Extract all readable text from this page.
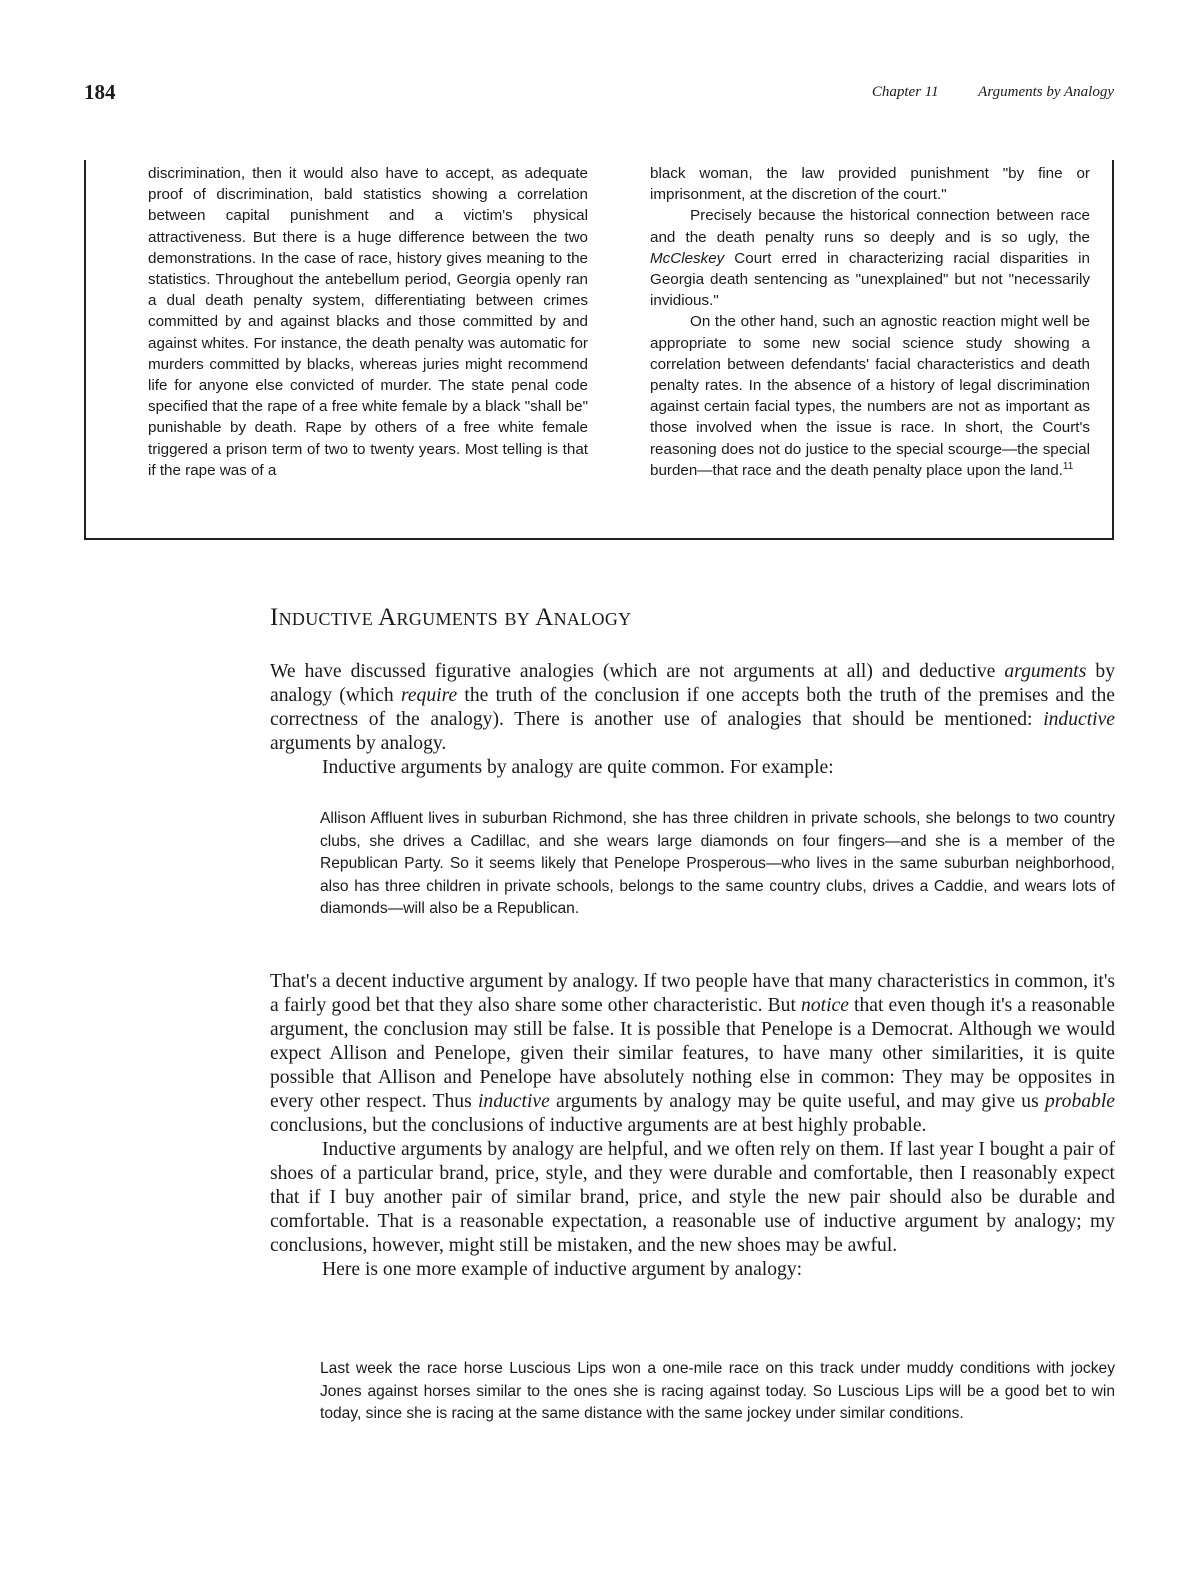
184	Chapter 11	Arguments by Analogy

discrimination, then it would also have to accept, as adequate proof of discrimination, bald statistics showing a correlation between capital punishment and a victim's physical attractiveness. But there is a huge difference between the two demonstrations. In the case of race, history gives meaning to the statistics. Throughout the antebellum period, Georgia openly ran a dual death penalty system, differentiating between crimes committed by and against blacks and those committed by and against whites. For instance, the death penalty was automatic for murders committed by blacks, whereas juries might recommend life for anyone else convicted of murder. The state penal code specified that the rape of a free white female by a black "shall be" punishable by death. Rape by others of a free white female triggered a prison term of two to twenty years. Most telling is that if the rape was of a

black woman, the law provided punishment "by fine or imprisonment, at the discretion of the court."

Precisely because the historical connection between race and the death penalty runs so deeply and is so ugly, the McCleskey Court erred in characterizing racial disparities in Georgia death sentencing as "unexplained" but not "necessarily invidious."

On the other hand, such an agnostic reaction might well be appropriate to some new social science study showing a correlation between defendants' facial characteristics and death penalty rates. In the absence of a history of legal discrimination against certain facial types, the numbers are not as important as those involved when the issue is race. In short, the Court's reasoning does not do justice to the special scourge—the special burden—that race and the death penalty place upon the land.$^{11}$

Inductive Arguments by Analogy

We have discussed figurative analogies (which are not arguments at all) and deductive arguments by analogy (which require the truth of the conclusion if one accepts both the truth of the premises and the correctness of the analogy). There is another use of analogies that should be mentioned: inductive arguments by analogy.

Inductive arguments by analogy are quite common. For example:

Allison Affluent lives in suburban Richmond, she has three children in private schools, she belongs to two country clubs, she drives a Cadillac, and she wears large diamonds on four fingers—and she is a member of the Republican Party. So it seems likely that Penelope Prosperous—who lives in the same suburban neighborhood, also has three children in private schools, belongs to the same country clubs, drives a Caddie, and wears lots of diamonds—will also be a Republican.

That's a decent inductive argument by analogy. If two people have that many characteristics in common, it's a fairly good bet that they also share some other characteristic. But notice that even though it's a reasonable argument, the conclusion may still be false. It is possible that Penelope is a Democrat. Although we would expect Allison and Penelope, given their similar features, to have many other similarities, it is quite possible that Allison and Penelope have absolutely nothing else in common: They may be opposites in every other respect. Thus inductive arguments by analogy may be quite useful, and may give us probable conclusions, but the conclusions of inductive arguments are at best highly probable.

Inductive arguments by analogy are helpful, and we often rely on them. If last year I bought a pair of shoes of a particular brand, price, style, and they were durable and comfortable, then I reasonably expect that if I buy another pair of similar brand, price, and style the new pair should also be durable and comfortable. That is a reasonable expectation, a reasonable use of inductive argument by analogy; my conclusions, however, might still be mistaken, and the new shoes may be awful.

Here is one more example of inductive argument by analogy:

Last week the race horse Luscious Lips won a one-mile race on this track under muddy conditions with jockey Jones against horses similar to the ones she is racing against today. So Luscious Lips will be a good bet to win today, since she is racing at the same distance with the same jockey under similar conditions.
